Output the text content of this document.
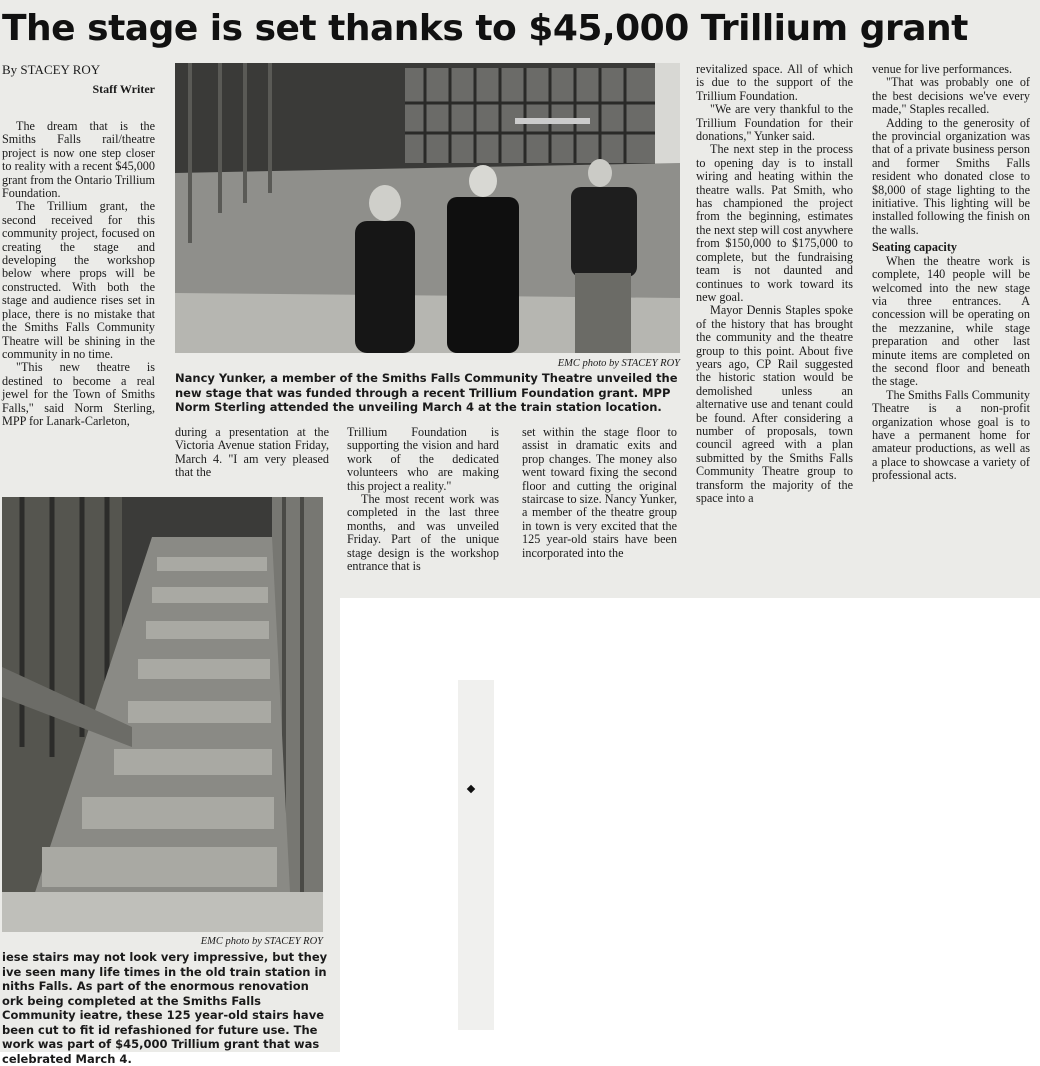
The stage is set thanks to $45,000 Trillium grant
By STACEY ROY
Staff Writer

The dream that is the Smiths Falls rail/theatre project is now one step closer to reality with a recent $45,000 grant from the Ontario Trillium Foundation.

The Trillium grant, the second received for this community project, focused on creating the stage and developing the workshop below where props will be constructed. With both the stage and audience rises set in place, there is no mistake that the Smiths Falls Community Theatre will be shining in the community in no time.

"This new theatre is destined to become a real jewel for the Town of Smiths Falls," said Norm Sterling, MPP for Lanark-Carleton,

EMC photo by STACEY ROY

Nancy Yunker, a member of the Smiths Falls Community Theatre unveiled the new stage that was funded through a recent Trillium Foundation grant. MPP Norm Sterling attended the unveiling March 4 at the train station location.

during a presentation at the Victoria Avenue station Friday, March 4. "I am very pleased that the

Trillium Foundation is supporting the vision and hard work of the dedicated volunteers who are making this project a reality."

The most recent work was completed in the last three months, and was unveiled Friday. Part of the unique stage design is the workshop entrance that is

set within the stage floor to assist in dramatic exits and prop changes. The money also went toward fixing the second floor and cutting the original staircase to size. Nancy Yunker, a member of the theatre group in town is very excited that the 125 year-old stairs have been incorporated into the

revitalized space. All of which is due to the support of the Trillium Foundation.

"We are very thankful to the Trillium Foundation for their donations," Yunker said.

The next step in the process to opening day is to install wiring and heating within the theatre walls. Pat Smith, who has championed the project from the beginning, estimates the next step will cost anywhere from $150,000 to $175,000 to complete, but the fundraising team is not daunted and continues to work toward its new goal.

Mayor Dennis Staples spoke of the history that has brought the community and the theatre group to this point. About five years ago, CP Rail suggested the historic station would be demolished unless an alternative use and tenant could be found. After considering a number of proposals, town council agreed with a plan submitted by the Smiths Falls Community Theatre group to transform the majority of the space into a

venue for live performances.

"That was probably one of the best decisions we've every made," Staples recalled.

Adding to the generosity of the provincial organization was that of a private business person and former Smiths Falls resident who donated close to $8,000 of stage lighting to the initiative. This lighting will be installed following the finish on the walls.

Seating capacity

When the theatre work is complete, 140 people will be welcomed into the new stage via three entrances. A concession will be operating on the mezzanine, while stage preparation and other last minute items are completed on the second floor and beneath the stage.

The Smiths Falls Community Theatre is a non-profit organization whose goal is to have a permanent home for amateur productions, as well as a place to showcase a variety of professional acts.

EMC photo by STACEY ROY

iese stairs may not look very impressive, but they ive seen many life times in the old train station in niths Falls. As part of the enormous renovation ork being completed at the Smiths Falls Community ieatre, these 125 year-old stairs have been cut to fit id refashioned for future use. The work was part of $45,000 Trillium grant that was celebrated March 4.
